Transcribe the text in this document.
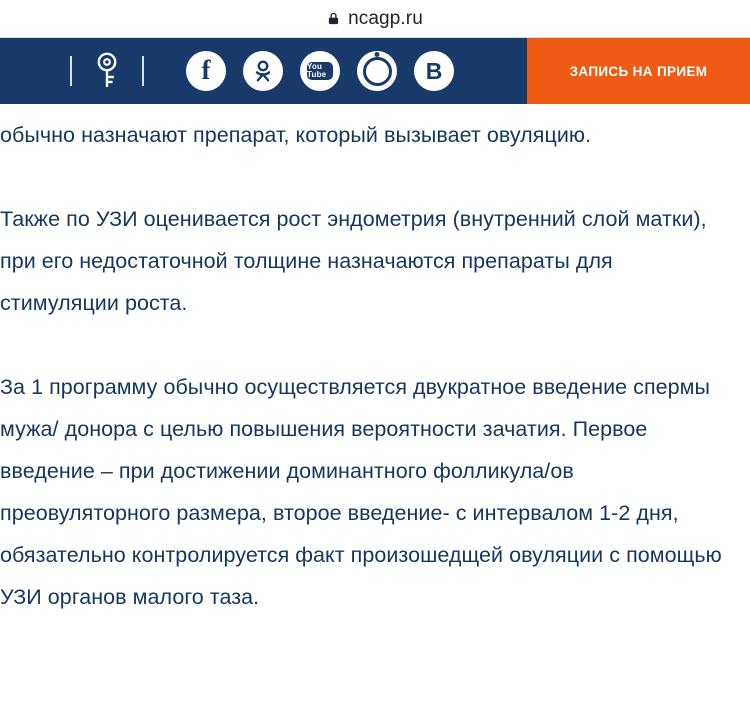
ncagp.ru
f	You Tube	B	ЗАПИСЬ НА ПРИЕМ

обычно назначают препарат, который вызывает овуляцию.

Также по УЗИ оценивается рост эндометрия (внутренний слой матки), при его недостаточной толщине назначаются препараты для стимуляции роста.

За 1 программу обычно осуществляется двукратное введение спермы мужа/ донора с целью повышения вероятности зачатия. Первое введение – при достижении доминантного фолликула/ов преовуляторного размера, второе введение- с интервалом 1-2 дня, обязательно контролируется факт произошедщей овуляции с помощью УЗИ органов малого таза.
